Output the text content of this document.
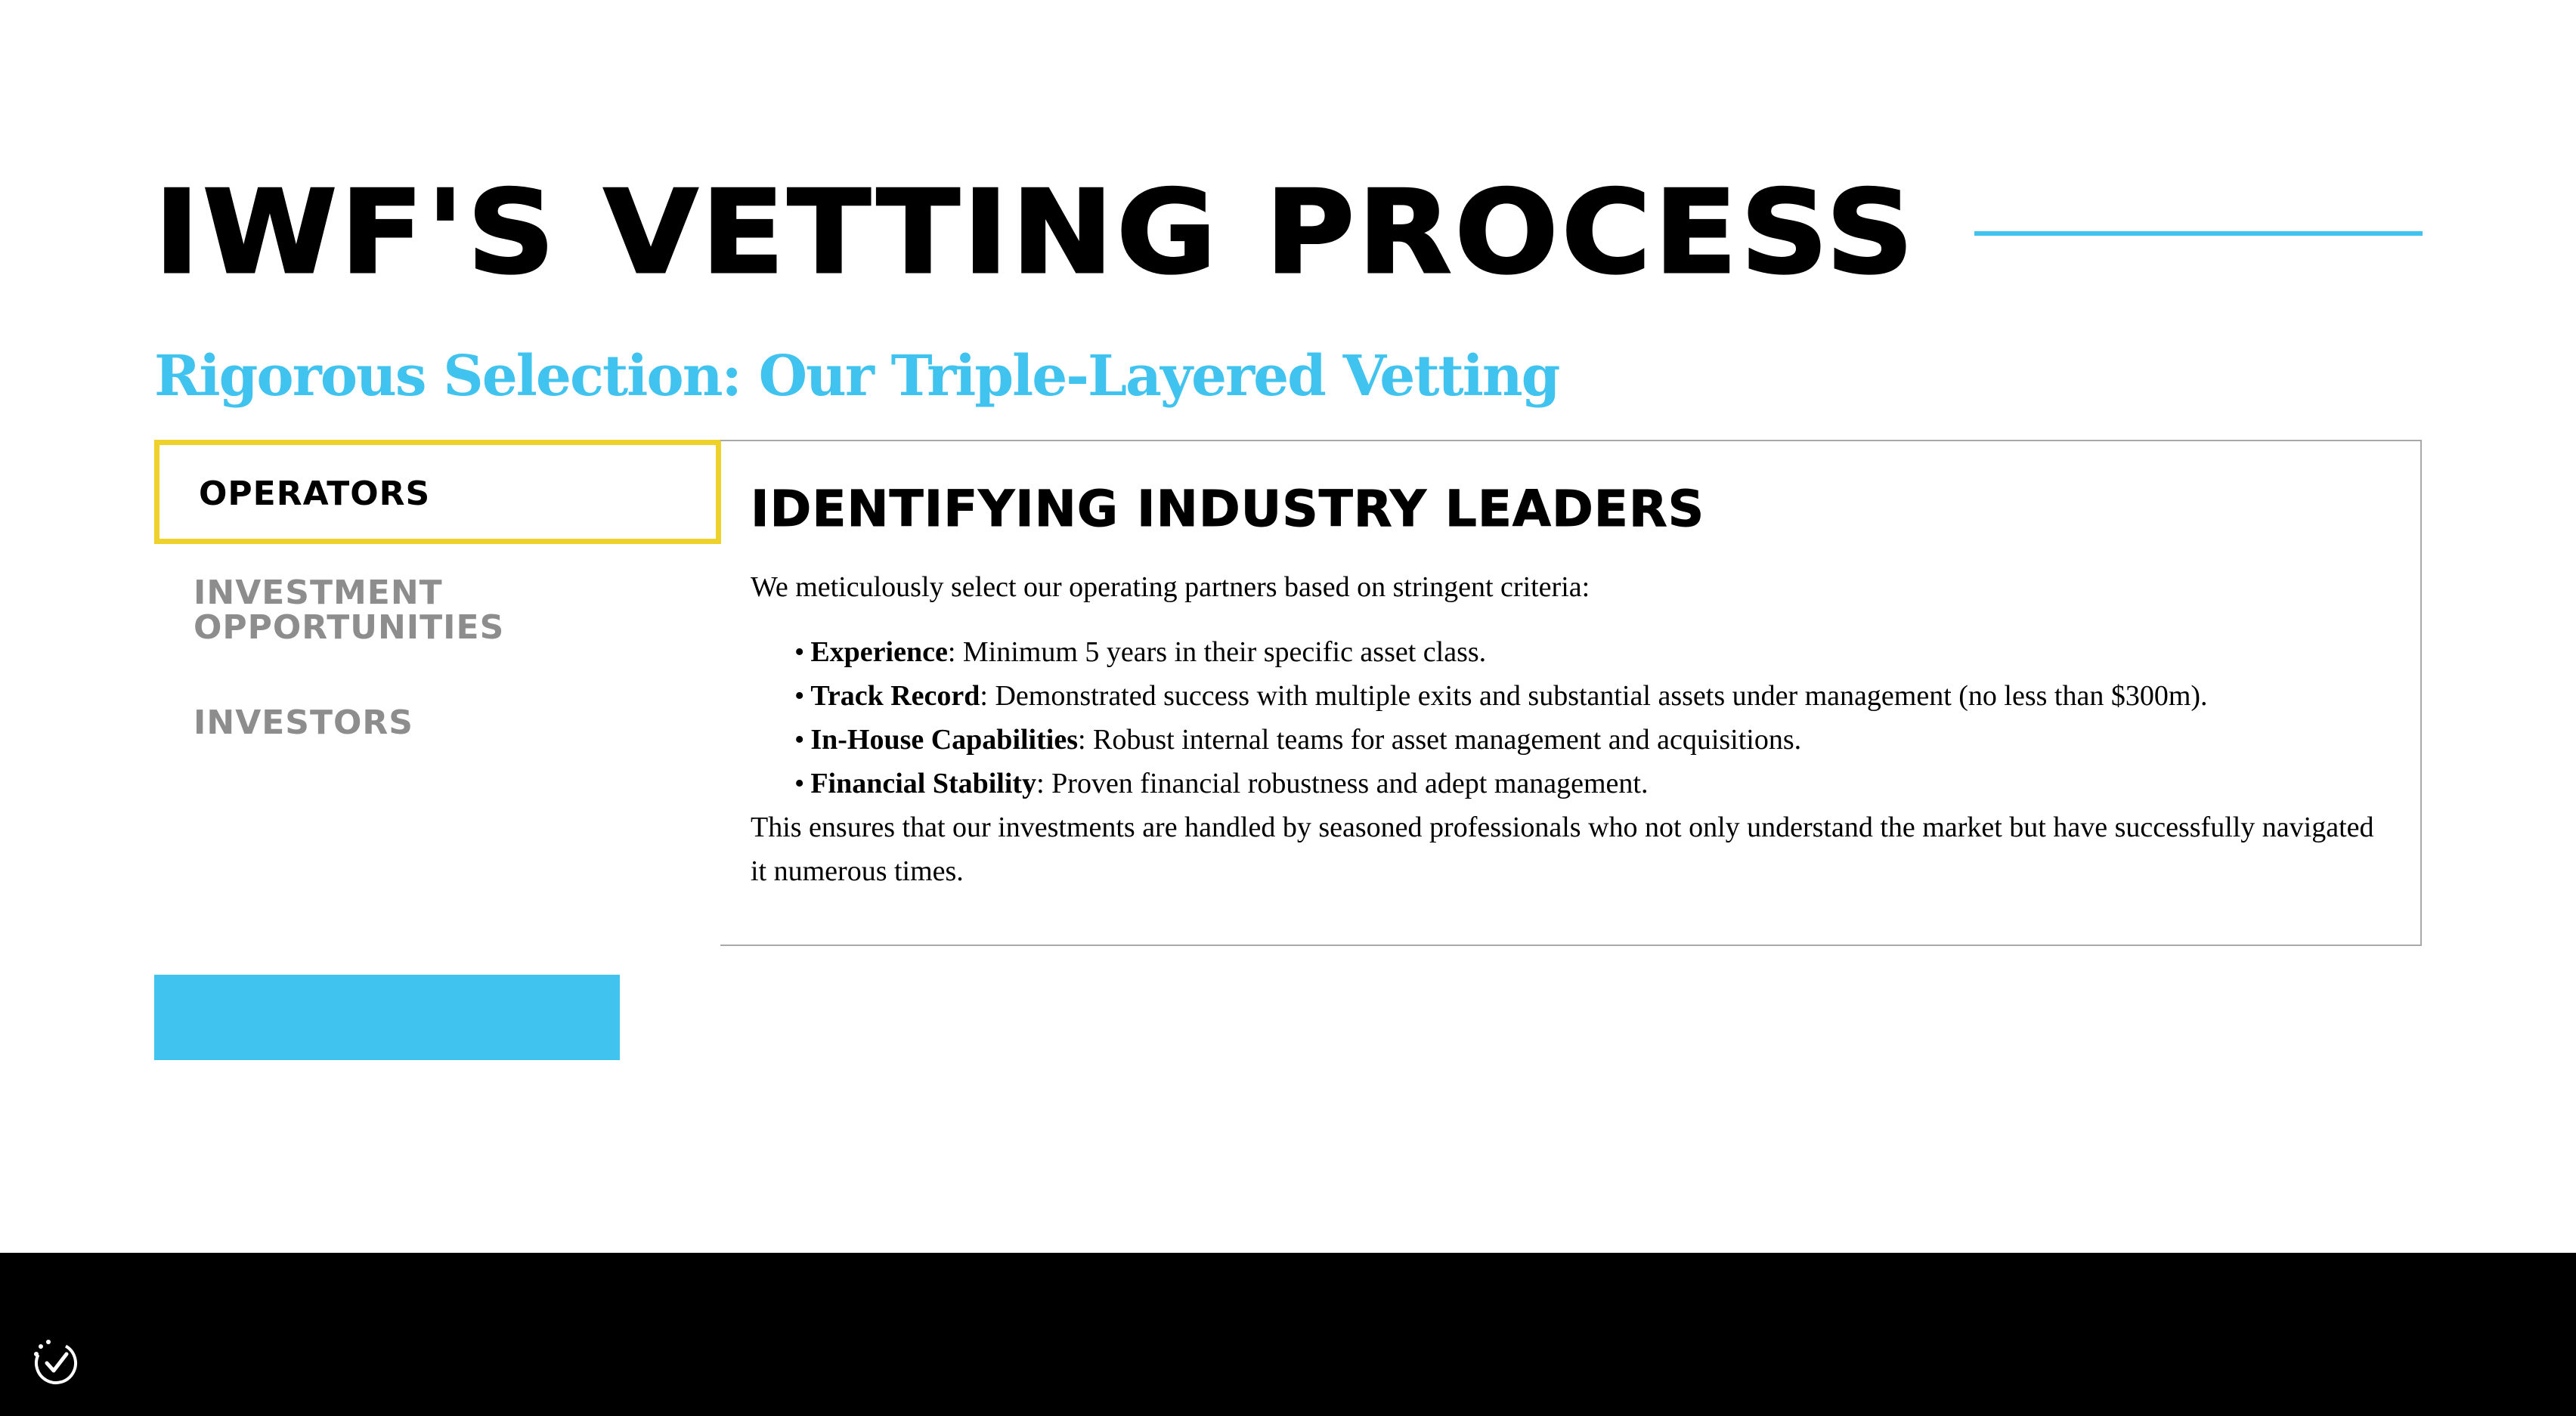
IWF'S VETTING PROCESS
Rigorous Selection: Our Triple-Layered Vetting
OPERATORS
INVESTMENT
OPPORTUNITIES
INVESTORS
IDENTIFYING INDUSTRY LEADERS

We meticulously select our operating partners based on stringent criteria:

• Experience: Minimum 5 years in their specific asset class.
• Track Record: Demonstrated success with multiple exits and substantial assets under management (no less than $300m).
• In-House Capabilities: Robust internal teams for asset management and acquisitions.
• Financial Stability: Proven financial robustness and adept management.

This ensures that our investments are handled by seasoned professionals who not only understand the market but have successfully navigated it numerous times.
